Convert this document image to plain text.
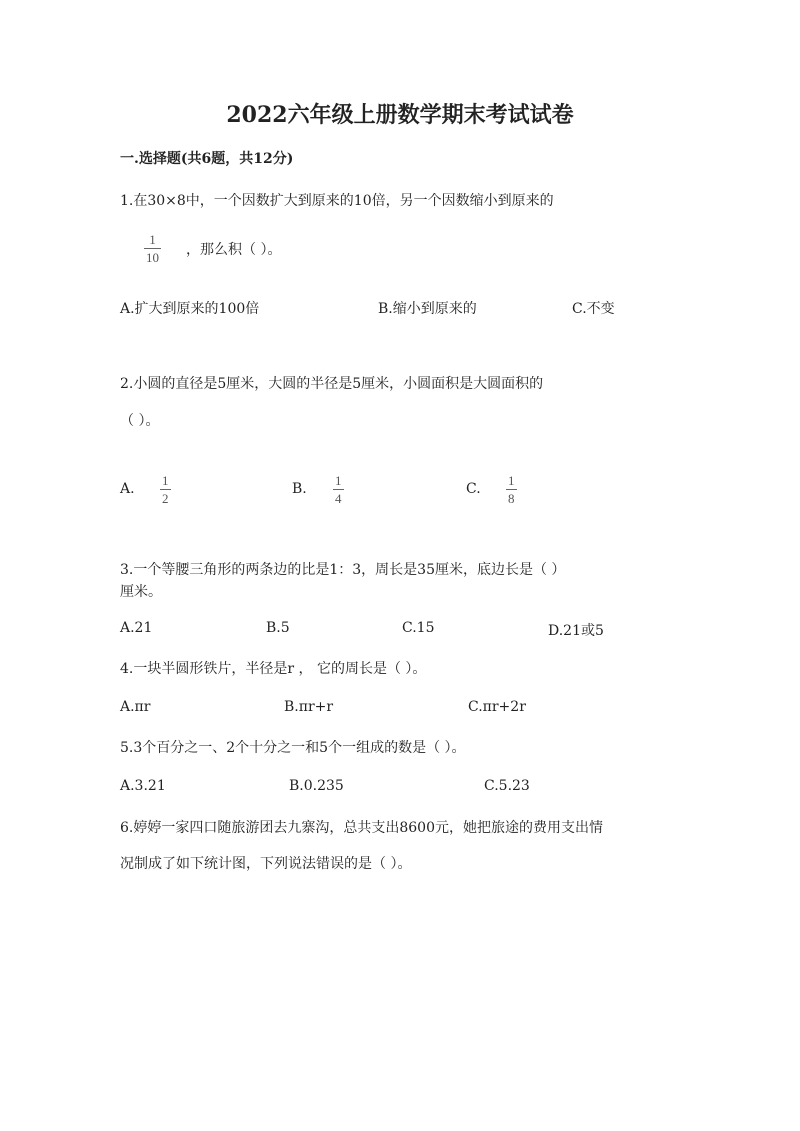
2022六年级上册数学期末考试试卷
一.选择题(共6题，共12分)
1.在30×8中，一个因数扩大到原来的10倍，另一个因数缩小到原来的
1
10 ，那么积（ ）。
A.扩大到原来的100倍	B.缩小到原来的	C.不变
2.小圆的直径是5厘米，大圆的半径是5厘米，小圆面积是大圆面积的
（ ）。
A.
1
2
B.
1
4
C.
1
8
3.一个等腰三角形的两条边的比是1：3，周长是35厘米，底边长是（ ）
厘米。
A.21	B.5	C.15	D.21或5
4.一块半圆形铁片，半径是r ， 它的周长是（ ）。
A.πr	B.πr+r	C.πr+2r
5.3个百分之一、2个十分之一和5个一组成的数是（ ）。
A.3.21	B.0.235	C.5.23
6.婷婷一家四口随旅游团去九寨沟，总共支出8600元，她把旅途的费用支出情
况制成了如下统计图，下列说法错误的是（ ）。
